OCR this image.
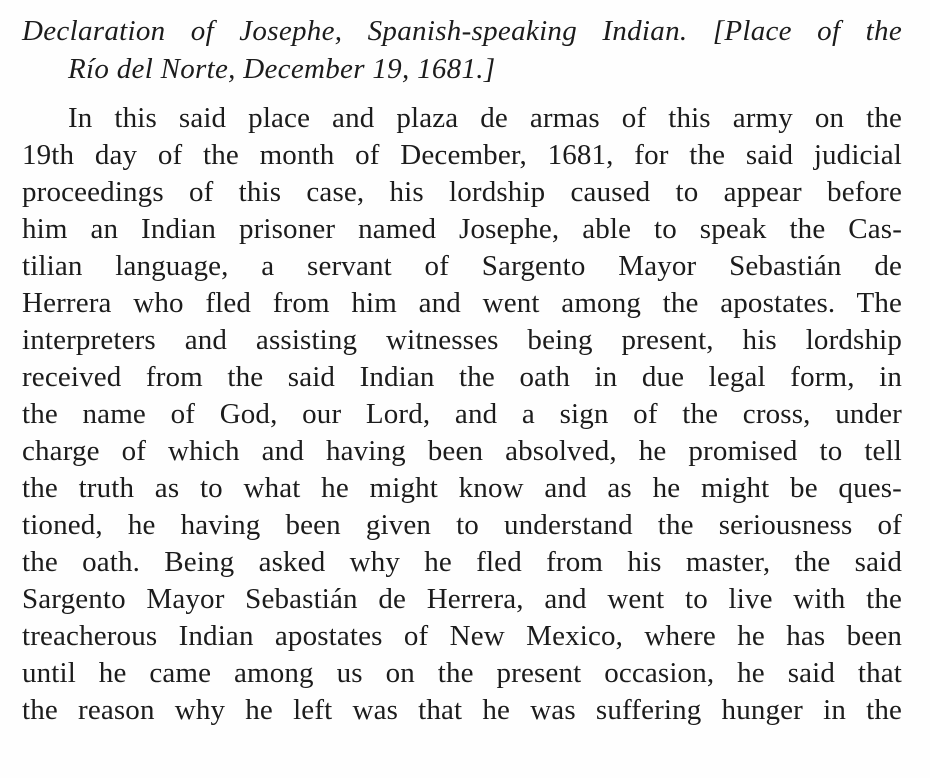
Declaration of Josephe, Spanish-speaking Indian. [Place of the
Río del Norte, December 19, 1681.]
In this said place and plaza de armas of this army on the
19th day of the month of December, 1681, for the said judicial
proceedings of this case, his lordship caused to appear before
him an Indian prisoner named Josephe, able to speak the Cas-
tilian language, a servant of Sargento Mayor Sebastián de
Herrera who fled from him and went among the apostates. The
interpreters and assisting witnesses being present, his lordship
received from the said Indian the oath in due legal form, in
the name of God, our Lord, and a sign of the cross, under
charge of which and having been absolved, he promised to tell
the truth as to what he might know and as he might be ques-
tioned, he having been given to understand the seriousness of
the oath. Being asked why he fled from his master, the said
Sargento Mayor Sebastián de Herrera, and went to live with the
treacherous Indian apostates of New Mexico, where he has been
until he came among us on the present occasion, he said that
the reason why he left was that he was suffering hunger in the
